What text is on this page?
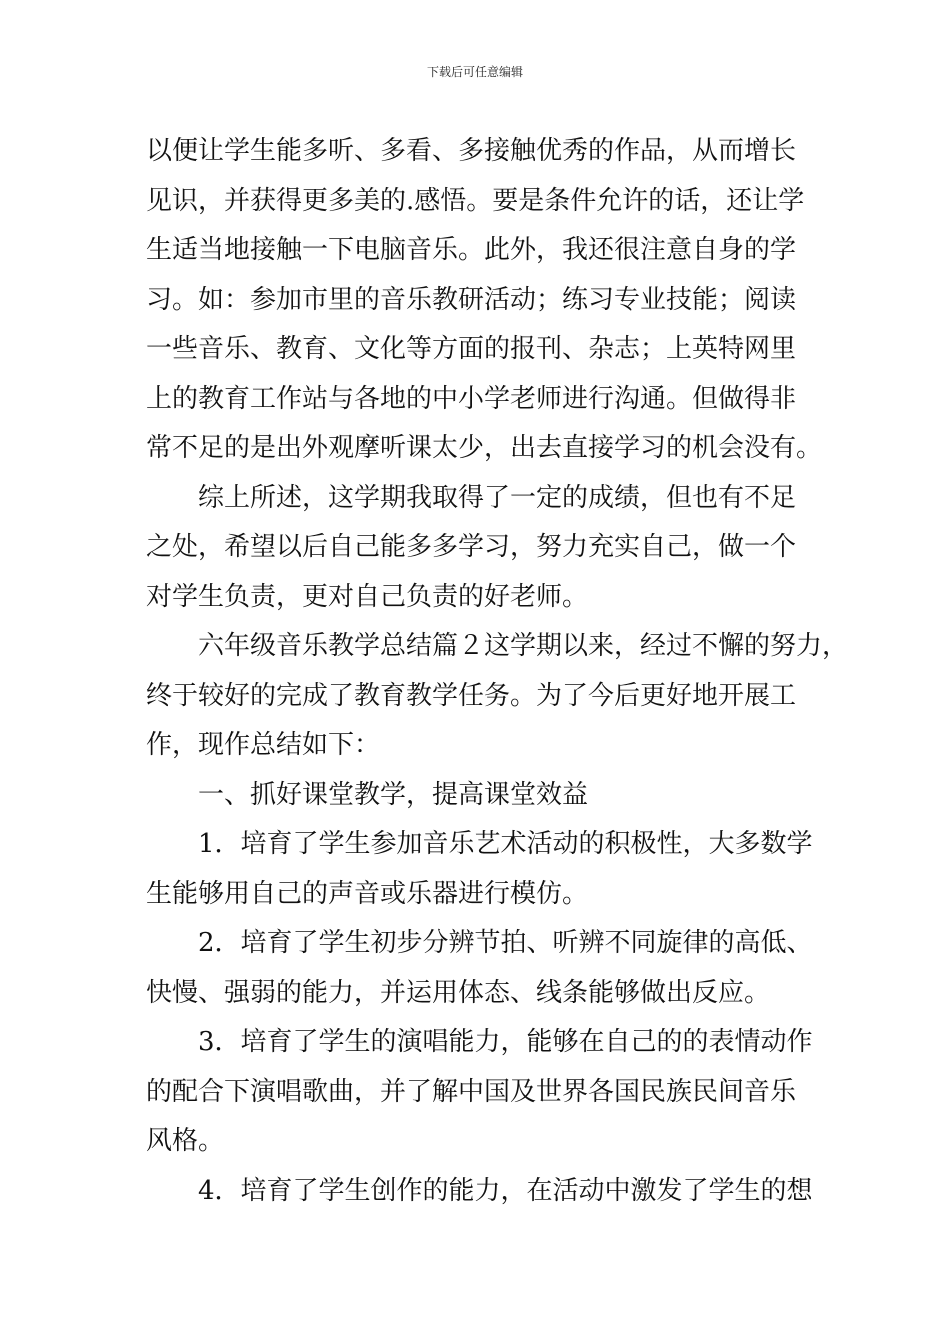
下载后可任意编辑

以便让学生能多听、多看、多接触优秀的作品，从而增长
见识，并获得更多美的.感悟。要是条件允许的话，还让学
生适当地接触一下电脑音乐。此外，我还很注意自身的学
习。如：参加市里的音乐教研活动；练习专业技能；阅读
一些音乐、教育、文化等方面的报刊、杂志；上英特网里
上的教育工作站与各地的中小学老师进行沟通。但做得非
常不足的是出外观摩听课太少，出去直接学习的机会没有。

综上所述，这学期我取得了一定的成绩，但也有不足
之处，希望以后自己能多多学习，努力充实自己，做一个
对学生负责，更对自己负责的好老师。

六年级音乐教学总结篇２这学期以来，经过不懈的努力，
终于较好的完成了教育教学任务。为了今后更好地开展工
作，现作总结如下：

一、抓好课堂教学，提高课堂效益

1．培育了学生参加音乐艺术活动的积极性，大多数学
生能够用自己的声音或乐器进行模仿。

2．培育了学生初步分辨节拍、听辨不同旋律的高低、
快慢、强弱的能力，并运用体态、线条能够做出反应。

3．培育了学生的演唱能力，能够在自己的的表情动作
的配合下演唱歌曲，并了解中国及世界各国民族民间音乐
风格。

4．培育了学生创作的能力，在活动中激发了学生的想
